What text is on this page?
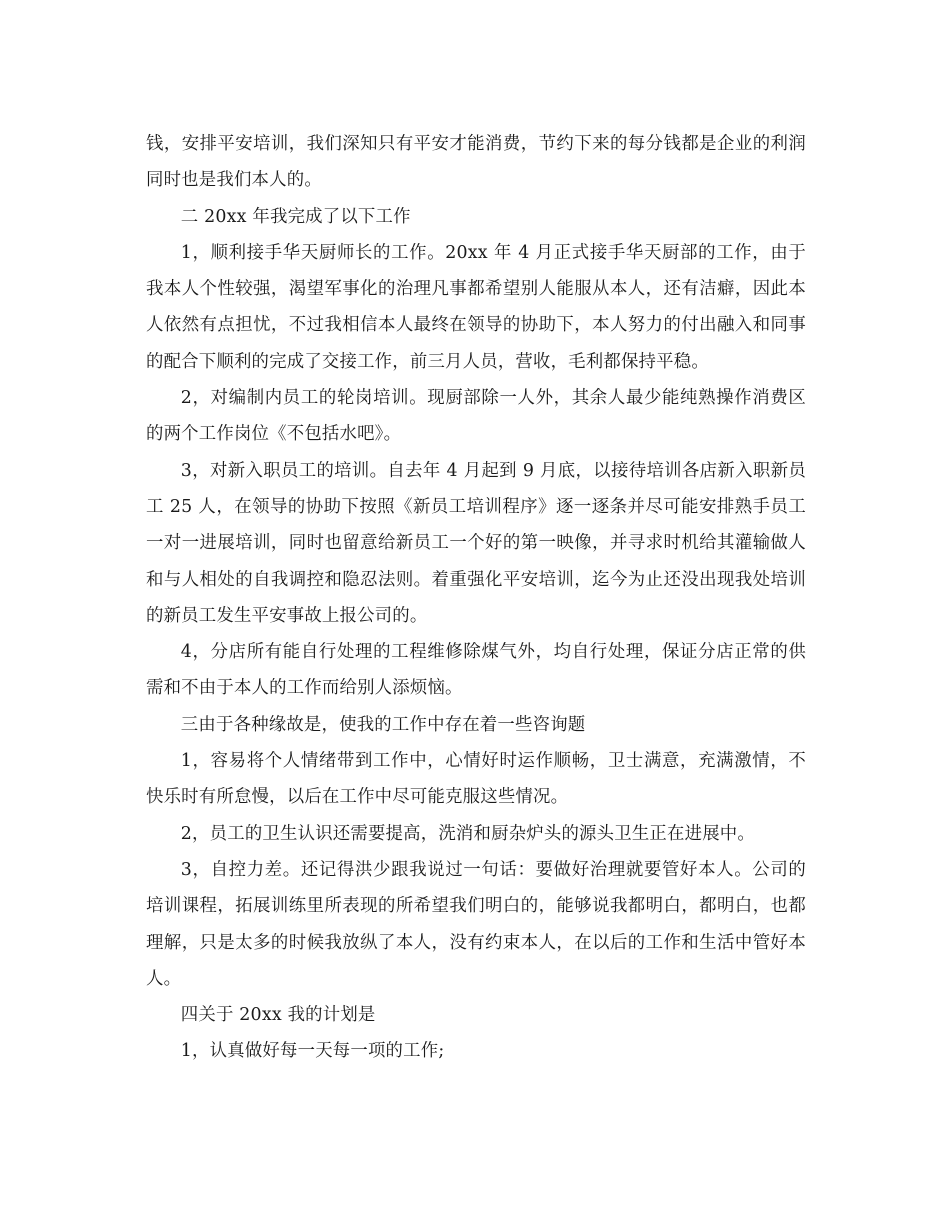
钱，安排平安培训，我们深知只有平安才能消费，节约下来的每分钱都是企业的利润同时也是我们本人的。

二 20xx 年我完成了以下工作

1，顺利接手华天厨师长的工作。20xx 年 4 月正式接手华天厨部的工作，由于我本人个性较强，渴望军事化的治理凡事都希望别人能服从本人，还有洁癖，因此本人依然有点担忧，不过我相信本人最终在领导的协助下，本人努力的付出融入和同事的配合下顺利的完成了交接工作，前三月人员，营收，毛利都保持平稳。

2，对编制内员工的轮岗培训。现厨部除一人外，其余人最少能纯熟操作消费区的两个工作岗位《不包括水吧》。

3，对新入职员工的培训。自去年 4 月起到 9 月底，以接待培训各店新入职新员工 25 人，在领导的协助下按照《新员工培训程序》逐一逐条并尽可能安排熟手员工一对一进展培训，同时也留意给新员工一个好的第一映像，并寻求时机给其灌输做人和与人相处的自我调控和隐忍法则。着重强化平安培训，迄今为止还没出现我处培训的新员工发生平安事故上报公司的。

4，分店所有能自行处理的工程维修除煤气外，均自行处理，保证分店正常的供需和不由于本人的工作而给别人添烦恼。

三由于各种缘故是，使我的工作中存在着一些咨询题

1，容易将个人情绪带到工作中，心情好时运作顺畅，卫士满意，充满激情，不快乐时有所怠慢，以后在工作中尽可能克服这些情况。

2，员工的卫生认识还需要提高，洗消和厨杂炉头的源头卫生正在进展中。

3，自控力差。还记得洪少跟我说过一句话：要做好治理就要管好本人。公司的培训课程，拓展训练里所表现的所希望我们明白的，能够说我都明白，都明白，也都理解，只是太多的时候我放纵了本人，没有约束本人，在以后的工作和生活中管好本人。

四关于 20xx 我的计划是

1，认真做好每一天每一项的工作;
